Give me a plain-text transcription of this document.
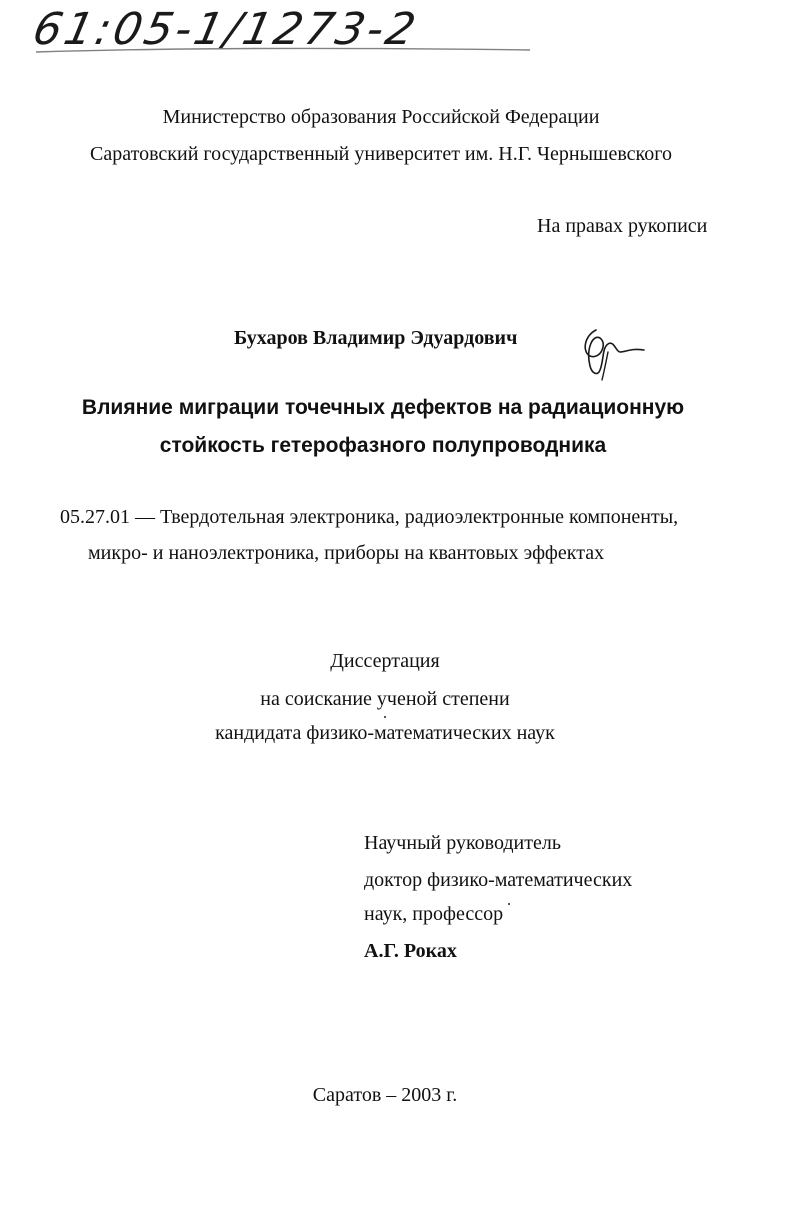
61:05-1/1273-2
Министерство образования Российской Федерации
Саратовский государственный университет им. Н.Г. Чернышевского
На правах рукописи
Бухаров Владимир Эдуардович
Влияние миграции точечных дефектов на радиационную
стойкость гетерофазного полупроводника
05.27.01 — Твердотельная электроника, радиоэлектронные компоненты,
микро- и наноэлектроника, приборы на квантовых эффектах
Диссертация
на соискание ученой степени
кандидата физико-математических наук
Научный руководитель
доктор физико-математических
наук, профессор
А.Г. Роках
Саратов – 2003 г.
